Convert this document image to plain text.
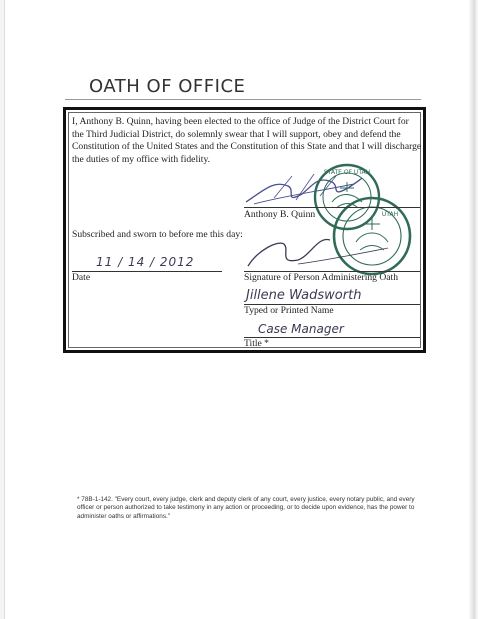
OATH OF OFFICE
I, Anthony B. Quinn, having been elected to the office of Judge of the District Court for the Third Judicial District, do solemnly swear that I will support, obey and defend the Constitution of the United States and the Constitution of this State and that I will discharge the duties of my office with fidelity.
STATE OF UTAH
UTAH
Anthony B. Quinn
Subscribed and sworn to before me this day:
11 / 14 / 2012
Date	Signature of Person Administering Oath
Jillene Wadsworth
Typed or Printed Name
Case Manager
Title *
* 78B-1-142. "Every court, every judge, clerk and deputy clerk of any court, every justice, every notary public, and every officer or person authorized to take testimony in any action or proceeding, or to decide upon evidence, has the power to administer oaths or affirmations."
